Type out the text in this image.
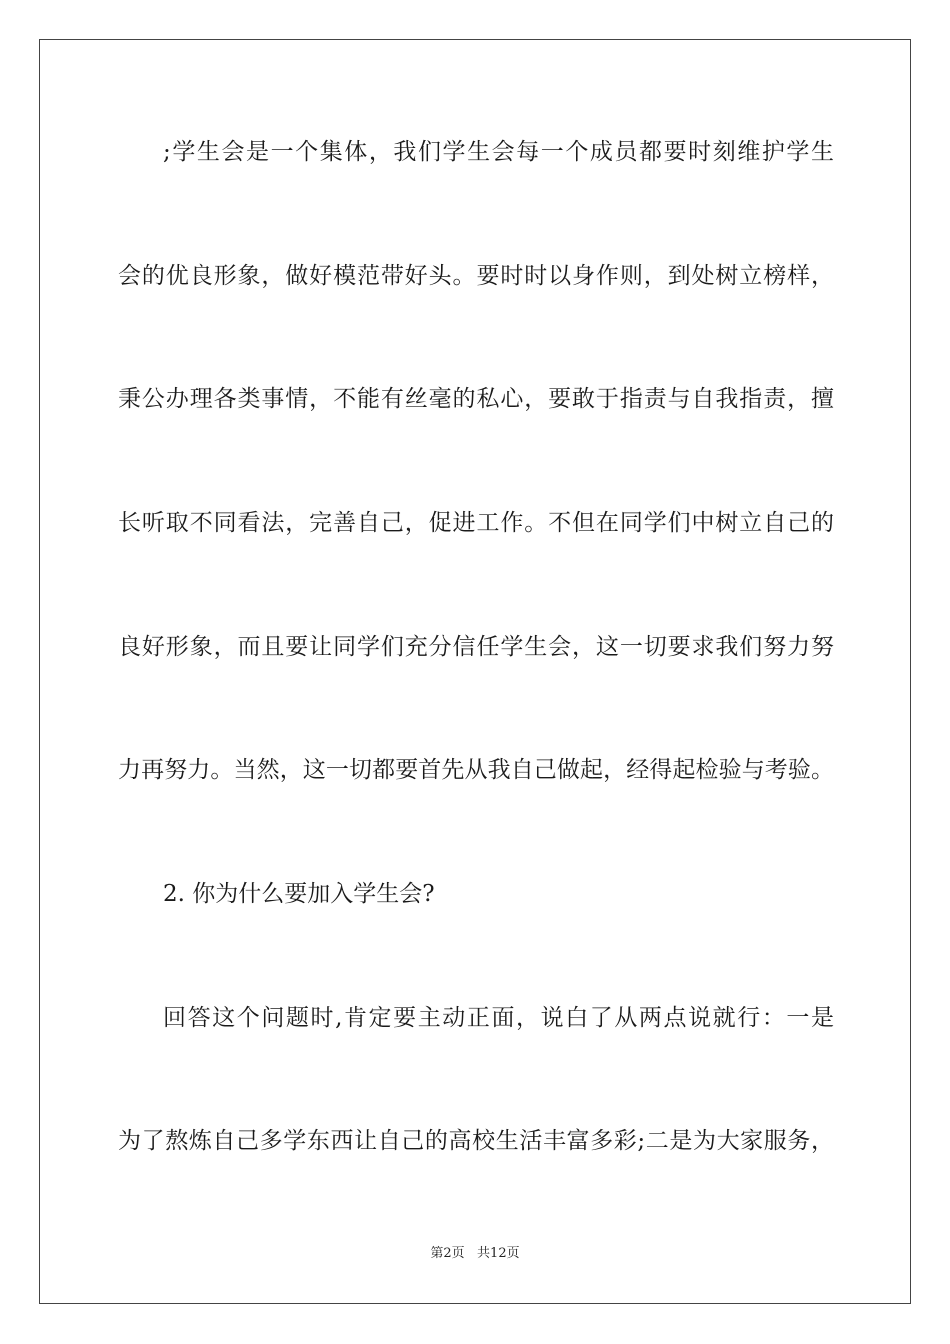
;学生会是一个集体，我们学生会每一个成员都要时刻维护学生
会的优良形象，做好模范带好头。要时时以身作则，到处树立榜样，
秉公办理各类事情，不能有丝毫的私心，要敢于指责与自我指责，擅
长听取不同看法，完善自己，促进工作。不但在同学们中树立自己的
良好形象，而且要让同学们充分信任学生会，这一切要求我们努力努
力再努力。当然，这一切都要首先从我自己做起，经得起检验与考验。
2. 你为什么要加入学生会?
回答这个问题时,肯定要主动正面，说白了从两点说就行：一是
为了熬炼自己多学东西让自己的高校生活丰富多彩;二是为大家服务，
第2页   共12页
